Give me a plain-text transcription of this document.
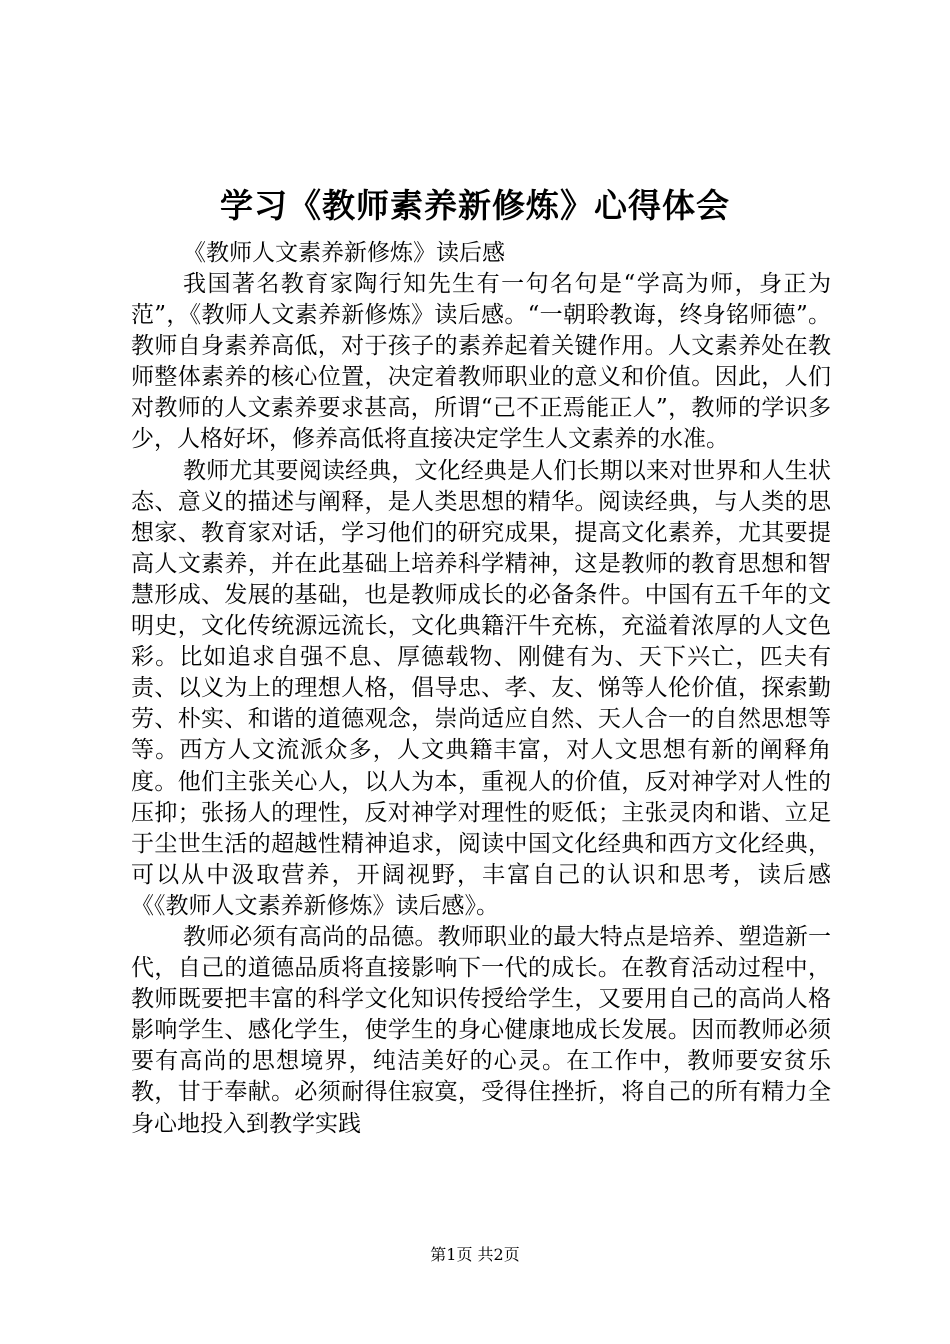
学习《教师素养新修炼》心得体会

《教师人文素养新修炼》读后感

我国著名教育家陶行知先生有一句名句是“学高为师，身正为范”，《教师人文素养新修炼》读后感。“一朝聆教诲，终身铭师德”。教师自身素养高低，对于孩子的素养起着关键作用。人文素养处在教师整体素养的核心位置，决定着教师职业的意义和价值。因此，人们对教师的人文素养要求甚高，所谓“己不正焉能正人”，教师的学识多少，人格好坏，修养高低将直接决定学生人文素养的水准。

教师尤其要阅读经典，文化经典是人们长期以来对世界和人生状态、意义的描述与阐释，是人类思想的精华。阅读经典，与人类的思想家、教育家对话，学习他们的研究成果，提高文化素养，尤其要提高人文素养，并在此基础上培养科学精神，这是教师的教育思想和智慧形成、发展的基础，也是教师成长的必备条件。中国有五千年的文明史，文化传统源远流长，文化典籍汗牛充栋，充溢着浓厚的人文色彩。比如追求自强不息、厚德载物、刚健有为、天下兴亡，匹夫有责、以义为上的理想人格，倡导忠、孝、友、悌等人伦价值，探索勤劳、朴实、和谐的道德观念，崇尚适应自然、天人合一的自然思想等等。西方人文流派众多，人文典籍丰富，对人文思想有新的阐释角度。他们主张关心人，以人为本，重视人的价值，反对神学对人性的压抑；张扬人的理性，反对神学对理性的贬低；主张灵肉和谐、立足于尘世生活的超越性精神追求，阅读中国文化经典和西方文化经典，可以从中汲取营养，开阔视野，丰富自己的认识和思考，读后感《《教师人文素养新修炼》读后感》。

教师必须有高尚的品德。教师职业的最大特点是培养、塑造新一代，自己的道德品质将直接影响下一代的成长。在教育活动过程中，教师既要把丰富的科学文化知识传授给学生，又要用自己的高尚人格影响学生、感化学生，使学生的身心健康地成长发展。因而教师必须要有高尚的思想境界，纯洁美好的心灵。在工作中，教师要安贫乐教，甘于奉献。必须耐得住寂寞，受得住挫折，将自己的所有精力全身心地投入到教学实践

第1页 共2页
